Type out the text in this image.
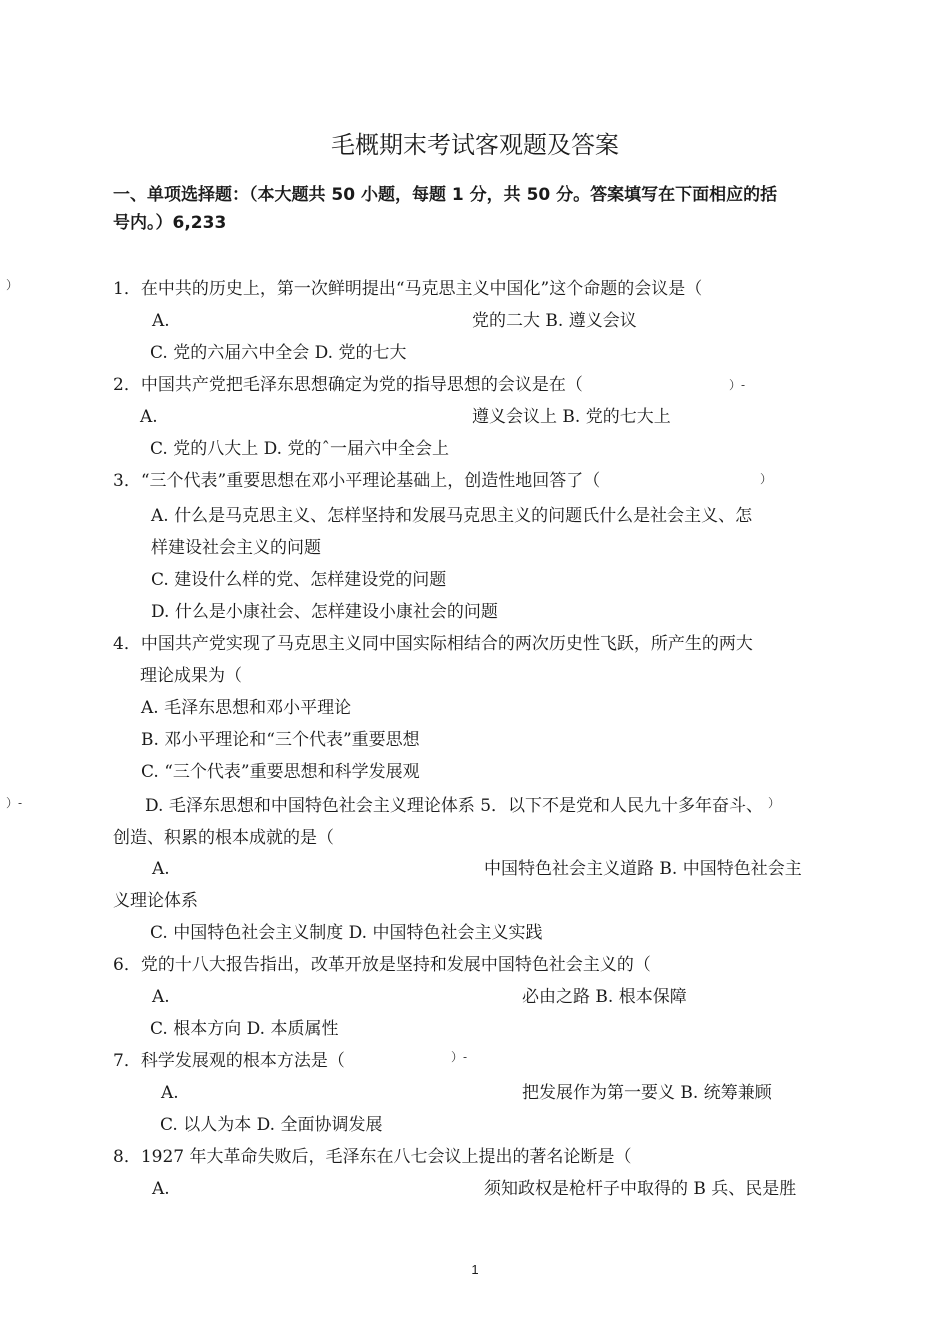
毛概期末考试客观题及答案
一、单项选择题：（本大题共 50 小题，每题 1 分，共 50 分。答案填写在下面相应的括
号内。）6,233
）
）-
）
）-	）
）-
1．在中共的历史上，第一次鲜明提出“马克思主义中国化”这个命题的会议是（
A.	党的二大 B. 遵义会议
C. 党的六届六中全会 D. 党的七大
2．中国共产党把毛泽东思想确定为党的指导思想的会议是在（
A.	遵义会议上 B. 党的七大上
C. 党的八大上 D. 党的ˆ一届六中全会上
3．“三个代表”重要思想在邓小平理论基础上，创造性地回答了（
A. 什么是马克思主义、怎样坚持和发展马克思主义的问题氏什么是社会主义、怎
样建设社会主义的问题
C. 建设什么样的党、怎样建设党的问题
D. 什么是小康社会、怎样建设小康社会的问题
4．中国共产党实现了马克思主义同中国实际相结合的两次历史性飞跃，所产生的两大
理论成果为（
A. 毛泽东思想和邓小平理论
B. 邓小平理论和“三个代表”重要思想
C. “三个代表”重要思想和科学发展观
D. 毛泽东思想和中国特色社会主义理论体系 5．以下不是党和人民九十多年奋斗、
创造、积累的根本成就的是（
A.	中国特色社会主义道路 B. 中国特色社会主
义理论体系
C. 中国特色社会主义制度 D. 中国特色社会主义实践
6．党的十八大报告指出，改革开放是坚持和发展中国特色社会主义的（
A.	必由之路 B. 根本保障
C. 根本方向 D. 本质属性
7．科学发展观的根本方法是（
A.	把发展作为第一要义 B. 统筹兼顾
C. 以人为本 D. 全面协调发展
8．1927 年大革命失败后，毛泽东在八七会议上提出的著名论断是（
A.	须知政权是枪杆子中取得的 B 兵、民是胜
1
